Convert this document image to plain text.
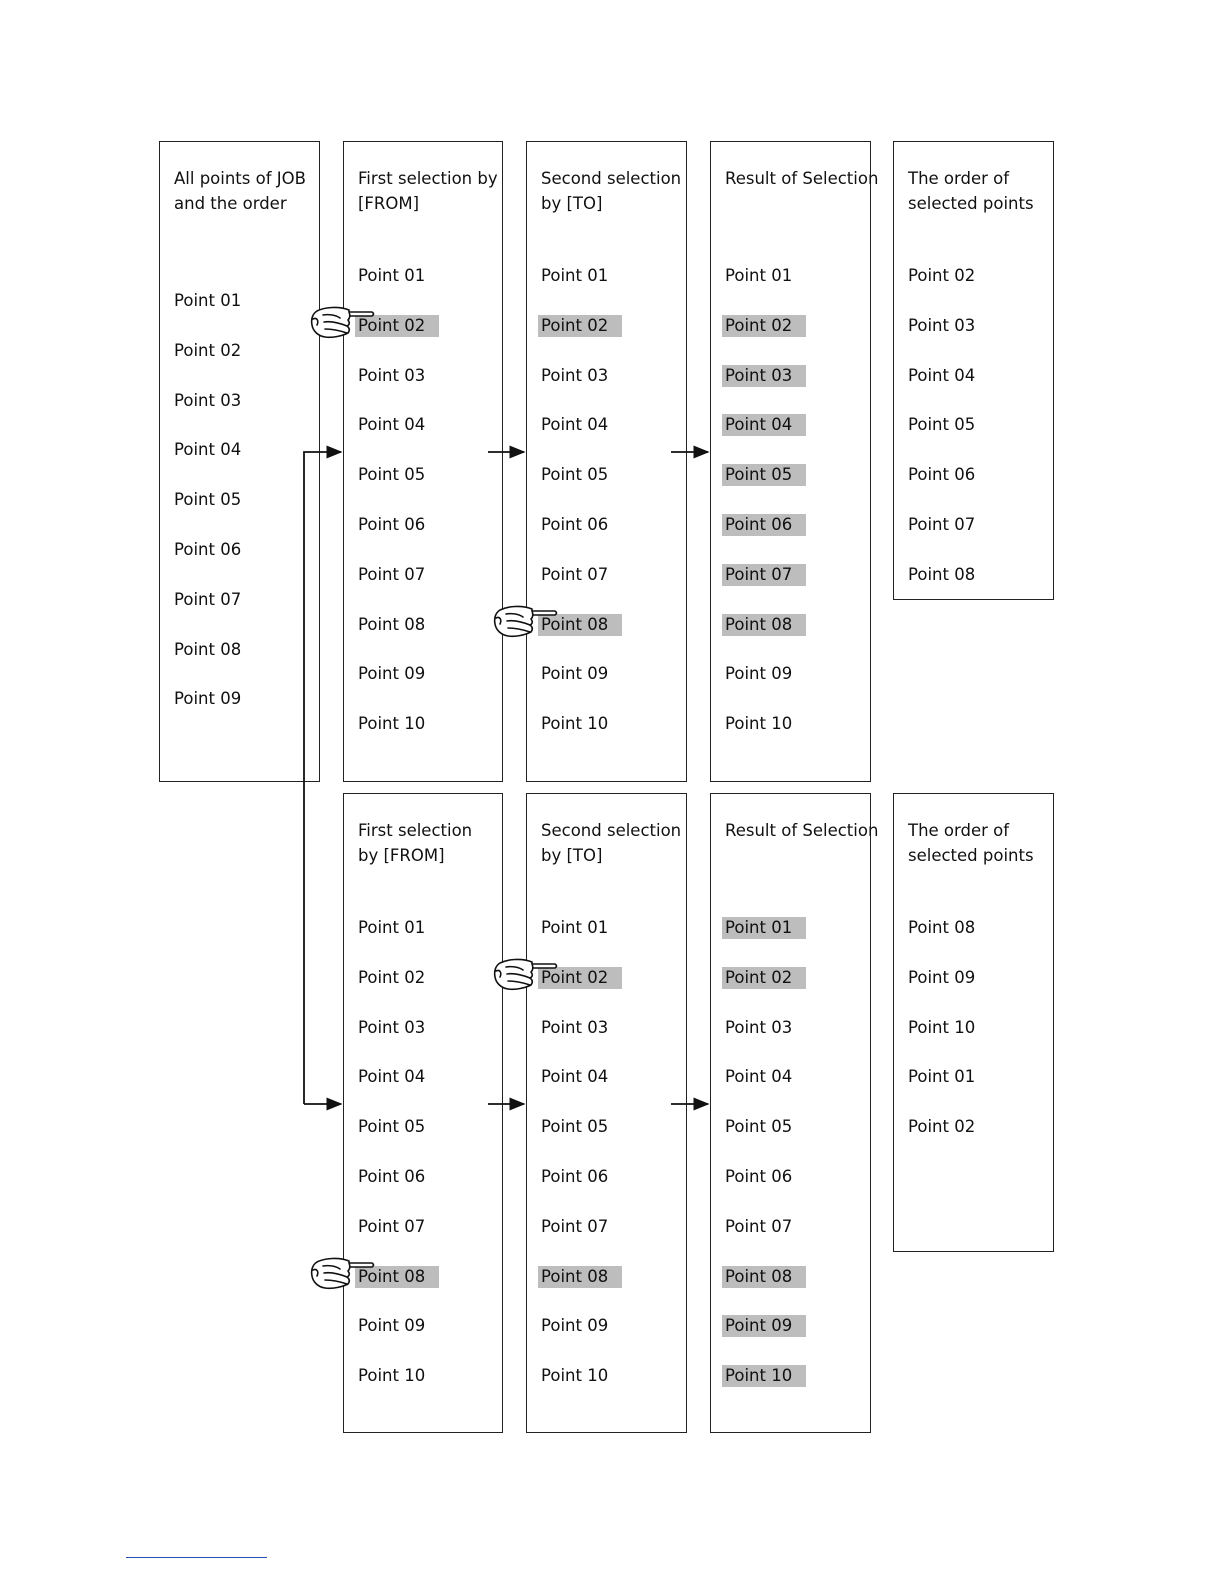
All points of JOB
and the order
Point 01
Point 02
Point 03
Point 04
Point 05
Point 06
Point 07
Point 08
Point 09
First selection by
[FROM]
Point 01
Point 02
Point 03
Point 04
Point 05
Point 06
Point 07
Point 08
Point 09
Point 10
Second selection
by [TO]
Point 01
Point 02
Point 03
Point 04
Point 05
Point 06
Point 07
Point 08
Point 09
Point 10
Result of Selection
Point 01
Point 02
Point 03
Point 04
Point 05
Point 06
Point 07
Point 08
Point 09
Point 10
The order of
selected points
Point 02
Point 03
Point 04
Point 05
Point 06
Point 07
Point 08
First selection
by [FROM]
Point 01
Point 02
Point 03
Point 04
Point 05
Point 06
Point 07
Point 08
Point 09
Point 10
Second selection
by [TO]
Point 01
Point 02
Point 03
Point 04
Point 05
Point 06
Point 07
Point 08
Point 09
Point 10
Result of Selection
Point 01
Point 02
Point 03
Point 04
Point 05
Point 06
Point 07
Point 08
Point 09
Point 10
The order of
selected points
Point 08
Point 09
Point 10
Point 01
Point 02
